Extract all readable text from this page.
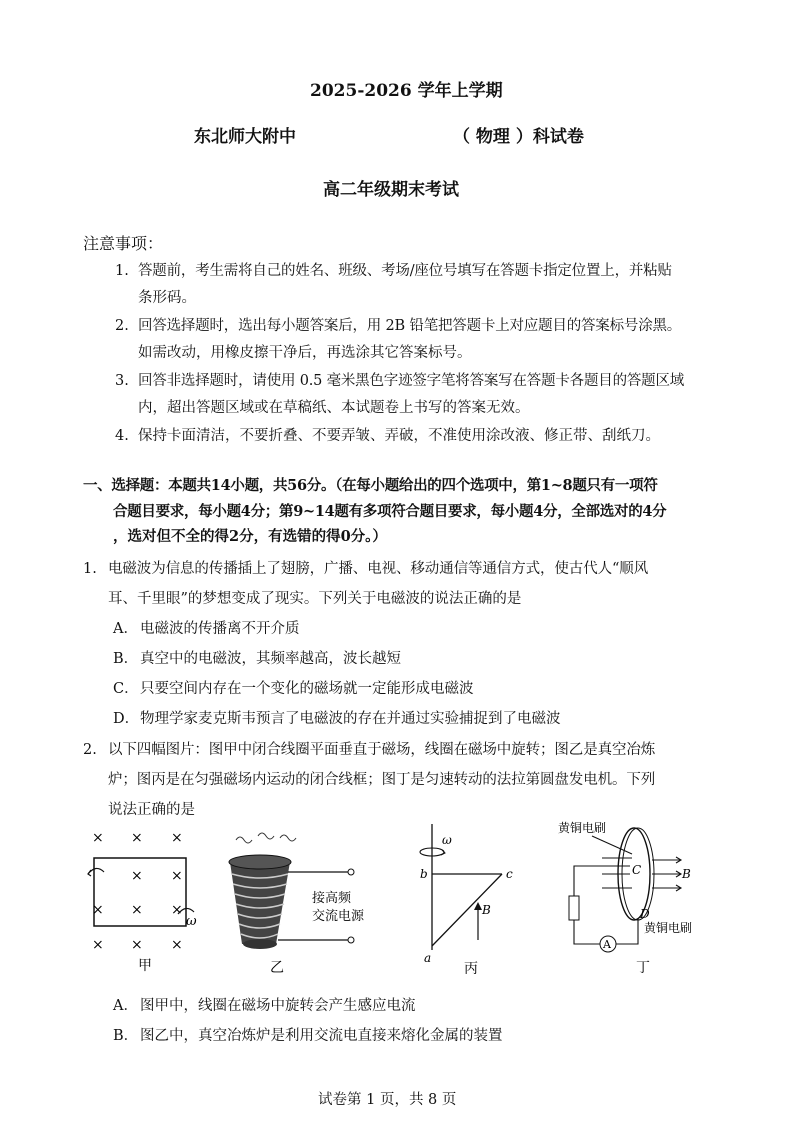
2025-2026 学年上学期
东北师大附中	（ 物理 ）科试卷
高二年级期末考试
注意事项：
1. 答题前，考生需将自己的姓名、班级、考场/座位号填写在答题卡指定位置上，并粘贴
条形码。
2. 回答选择题时，选出每小题答案后，用 2B 铅笔把答题卡上对应题目的答案标号涂黑。
如需改动，用橡皮擦干净后，再选涂其它答案标号。
3. 回答非选择题时，请使用 0.5 毫米黑色字迹签字笔将答案写在答题卡各题目的答题区域
内，超出答题区域或在草稿纸、本试题卷上书写的答案无效。
4. 保持卡面清洁，不要折叠、不要弄皱、弄破，不准使用涂改液、修正带、刮纸刀。
一、选择题：本题共14小题，共56分。（在每小题给出的四个选项中，第1~8题只有一项符
合题目要求，每小题4分；第9~14题有多项符合题目要求，每小题4分，全部选对的4分
，选对但不全的得2分，有选错的得0分。）
1. 电磁波为信息的传播插上了翅膀，广播、电视、移动通信等通信方式，使古代人“顺风
耳、千里眼”的梦想变成了现实。下列关于电磁波的说法正确的是
A． 电磁波的传播离不开介质
B． 真空中的电磁波，其频率越高，波长越短
C． 只要空间内存在一个变化的磁场就一定能形成电磁波
D． 物理学家麦克斯韦预言了电磁波的存在并通过实验捕捉到了电磁波
2. 以下四幅图片：图甲中闭合线圈平面垂直于磁场，线圈在磁场中旋转；图乙是真空冶炼
炉；图丙是在匀强磁场内运动的闭合线框；图丁是匀速转动的法拉第圆盘发电机。下列
说法正确的是
× × ×
× ×
× × ×
× × ×
ω
甲
接高频
交流电源
乙
ω
b	c
a
B
丙
黄铜电刷
C	B
A
D
黄铜电刷
丁
A． 图甲中，线圈在磁场中旋转会产生感应电流
B． 图乙中，真空冶炼炉是利用交流电直接来熔化金属的装置
试卷第 1 页，共 8 页
